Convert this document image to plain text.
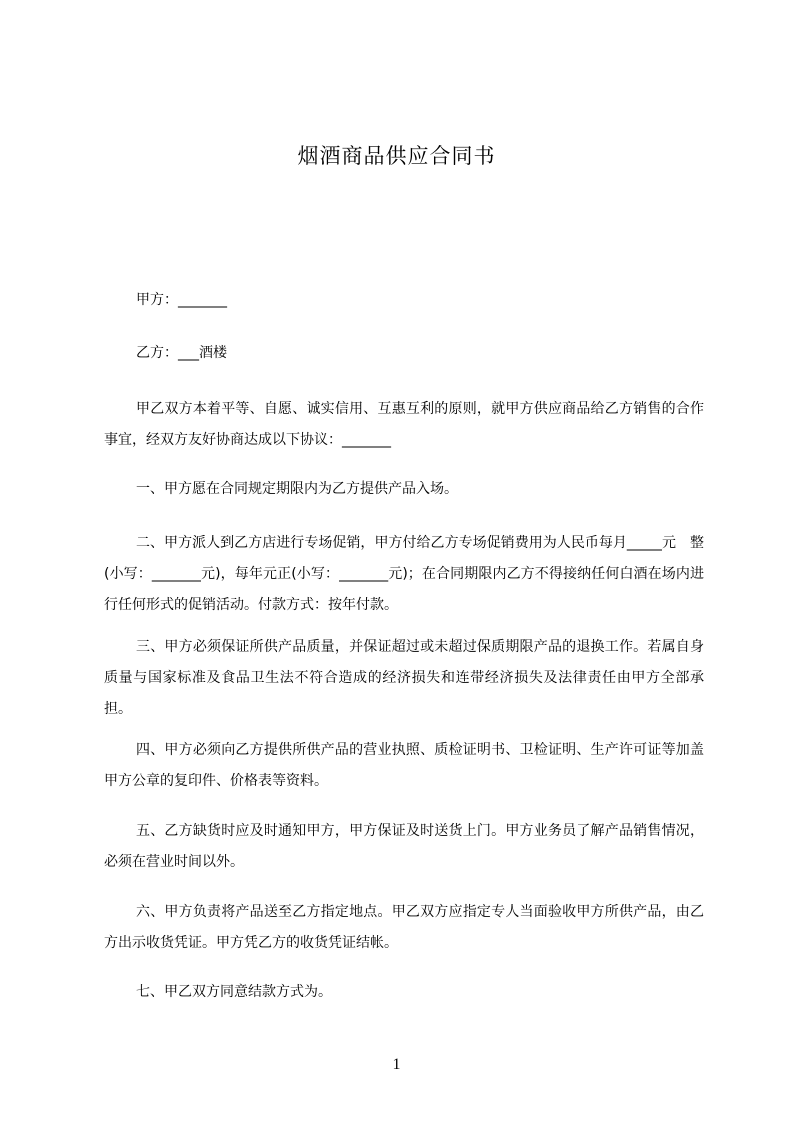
烟酒商品供应合同书

甲方：_______

乙方：___酒楼

甲乙双方本着平等、自愿、诚实信用、互惠互利的原则，就甲方供应商品给乙方销售的合作事宜，经双方友好协商达成以下协议：_______

一、甲方愿在合同规定期限内为乙方提供产品入场。

二、甲方派人到乙方店进行专场促销，甲方付给乙方专场促销费用为人民币每月_____元　整(小写：_______元)，每年元正(小写：_______元)；在合同期限内乙方不得接纳任何白酒在场内进行任何形式的促销活动。付款方式：按年付款。

三、甲方必须保证所供产品质量，并保证超过或未超过保质期限产品的退换工作。若属自身质量与国家标准及食品卫生法不符合造成的经济损失和连带经济损失及法律责任由甲方全部承担。

四、甲方必须向乙方提供所供产品的营业执照、质检证明书、卫检证明、生产许可证等加盖甲方公章的复印件、价格表等资料。

五、乙方缺货时应及时通知甲方，甲方保证及时送货上门。甲方业务员了解产品销售情况，必须在营业时间以外。

六、甲方负责将产品送至乙方指定地点。甲乙双方应指定专人当面验收甲方所供产品，由乙方出示收货凭证。甲方凭乙方的收货凭证结帐。

七、甲乙双方同意结款方式为。

1
